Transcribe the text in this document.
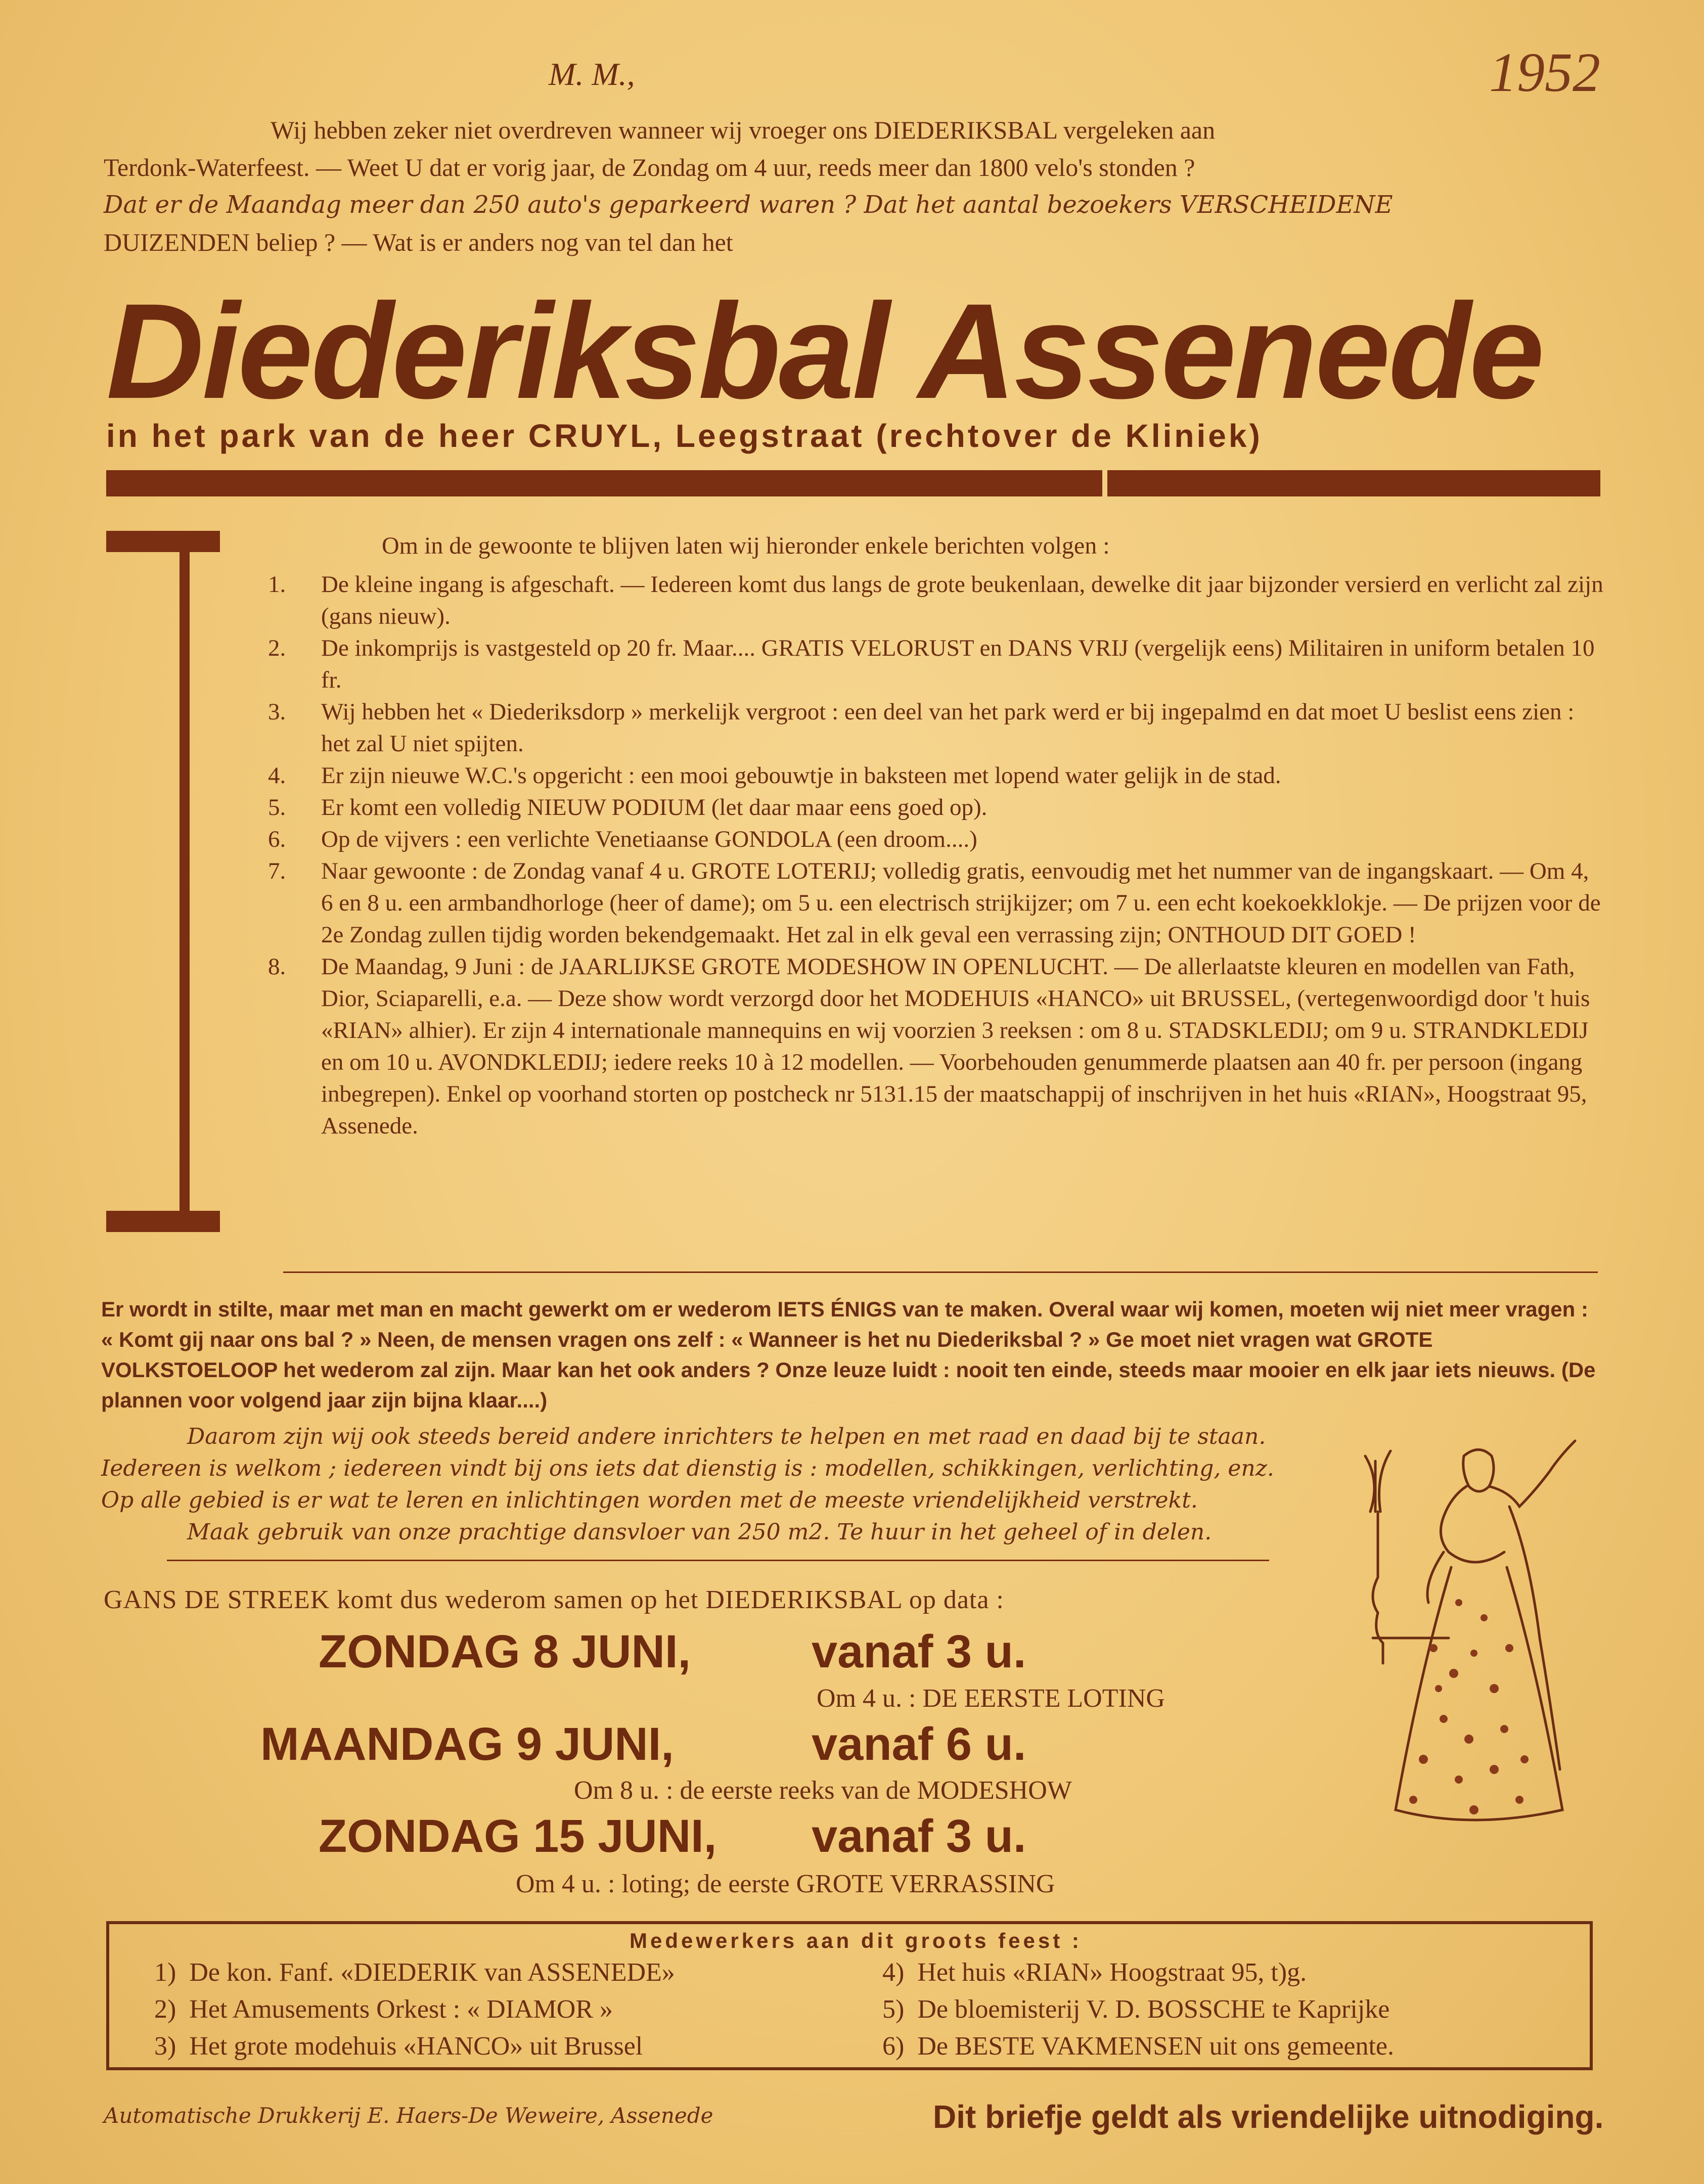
M. M.,	1952
Wij hebben zeker niet overdreven wanneer wij vroeger ons DIEDERIKSBAL vergeleken aan
Terdonk-Waterfeest. — Weet U dat er vorig jaar, de Zondag om 4 uur, reeds meer dan 1800 velo's stonden ?
Dat er de Maandag meer dan 250 auto's geparkeerd waren ? Dat het aantal bezoekers VERSCHEIDENE
DUIZENDEN beliep ? — Wat is er anders nog van tel dan het
Diederiksbal Assenede
in het park van de heer CRUYL, Leegstraat (rechtover de Kliniek)
Om in de gewoonte te blijven laten wij hieronder enkele berichten volgen :
1.	De kleine ingang is afgeschaft. — Iedereen komt dus langs de grote beukenlaan, dewelke dit jaar bijzonder versierd en verlicht zal zijn (gans nieuw).
2.	De inkomprijs is vastgesteld op 20 fr. Maar.... GRATIS VELORUST en DANS VRIJ (vergelijk eens) Militairen in uniform betalen 10 fr.
3.	Wij hebben het « Diederiksdorp » merkelijk vergroot : een deel van het park werd er bij ingepalmd en dat moet U beslist eens zien : het zal U niet spijten.
4.	Er zijn nieuwe W.C.'s opgericht : een mooi gebouwtje in baksteen met lopend water gelijk in de stad.
5.	Er komt een volledig NIEUW PODIUM (let daar maar eens goed op).
6.	Op de vijvers : een verlichte Venetiaanse GONDOLA (een droom....)
7.	Naar gewoonte : de Zondag vanaf 4 u. GROTE LOTERIJ; volledig gratis, eenvoudig met het nummer van de ingangskaart. — Om 4, 6 en 8 u. een armbandhorloge (heer of dame); om 5 u. een electrisch strijkijzer; om 7 u. een echt koekoekklokje. — De prijzen voor de 2e Zondag zullen tijdig worden bekendgemaakt. Het zal in elk geval een verrassing zijn; ONTHOUD DIT GOED !
8.	De Maandag, 9 Juni : de JAARLIJKSE GROTE MODESHOW IN OPENLUCHT. — De allerlaatste kleuren en modellen van Fath, Dior, Sciaparelli, e.a. — Deze show wordt verzorgd door het MODEHUIS «HANCO» uit BRUSSEL, (vertegenwoordigd door 't huis «RIAN» alhier). Er zijn 4 internationale mannequins en wij voorzien 3 reeksen : om 8 u. STADSKLEDIJ; om 9 u. STRANDKLEDIJ en om 10 u. AVONDKLEDIJ; iedere reeks 10 à 12 modellen. — Voorbehouden genummerde plaatsen aan 40 fr. per persoon (ingang inbegrepen). Enkel op voorhand storten op postcheck nr 5131.15 der maatschappij of inschrijven in het huis «RIAN», Hoogstraat 95, Assenede.
Er wordt in stilte, maar met man en macht gewerkt om er wederom IETS ÉNIGS van te maken. Overal waar wij komen, moeten wij niet meer vragen : « Komt gij naar ons bal ? » Neen, de mensen vragen ons zelf : « Wanneer is het nu Diederiksbal ? » Ge moet niet vragen wat GROTE VOLKSTOELOOP het wederom zal zijn. Maar kan het ook anders ? Onze leuze luidt : nooit ten einde, steeds maar mooier en elk jaar iets nieuws. (De plannen voor volgend jaar zijn bijna klaar....)
Daarom zijn wij ook steeds bereid andere inrichters te helpen en met raad en daad bij te staan.
Iedereen is welkom ; iedereen vindt bij ons iets dat dienstig is : modellen, schikkingen, verlichting, enz.
Op alle gebied is er wat te leren en inlichtingen worden met de meeste vriendelijkheid verstrekt.
Maak gebruik van onze prachtige dansvloer van 250 m2. Te huur in het geheel of in delen.
GANS DE STREEK komt dus wederom samen op het DIEDERIKSBAL op data :
ZONDAG 8 JUNI,	vanaf 3 u.
Om 4 u. : DE EERSTE LOTING
MAANDAG 9 JUNI,	vanaf 6 u.
Om 8 u. : de eerste reeks van de MODESHOW
ZONDAG 15 JUNI, vanaf 3 u.
Om 4 u. : loting; de eerste GROTE VERRASSING
Medewerkers aan dit groots feest :
1) De kon. Fanf. «DIEDERIK van ASSENEDE»
2) Het Amusements Orkest : « DIAMOR »
3) Het grote modehuis «HANCO» uit Brussel
4) Het huis «RIAN» Hoogstraat 95, t)g.
5) De bloemisterij V. D. BOSSCHE te Kaprijke
6) De BESTE VAKMENSEN uit ons gemeente.
Automatische Drukkerij E. Haers-De Weweire, Assenede	Dit briefje geldt als vriendelijke uitnodiging.
